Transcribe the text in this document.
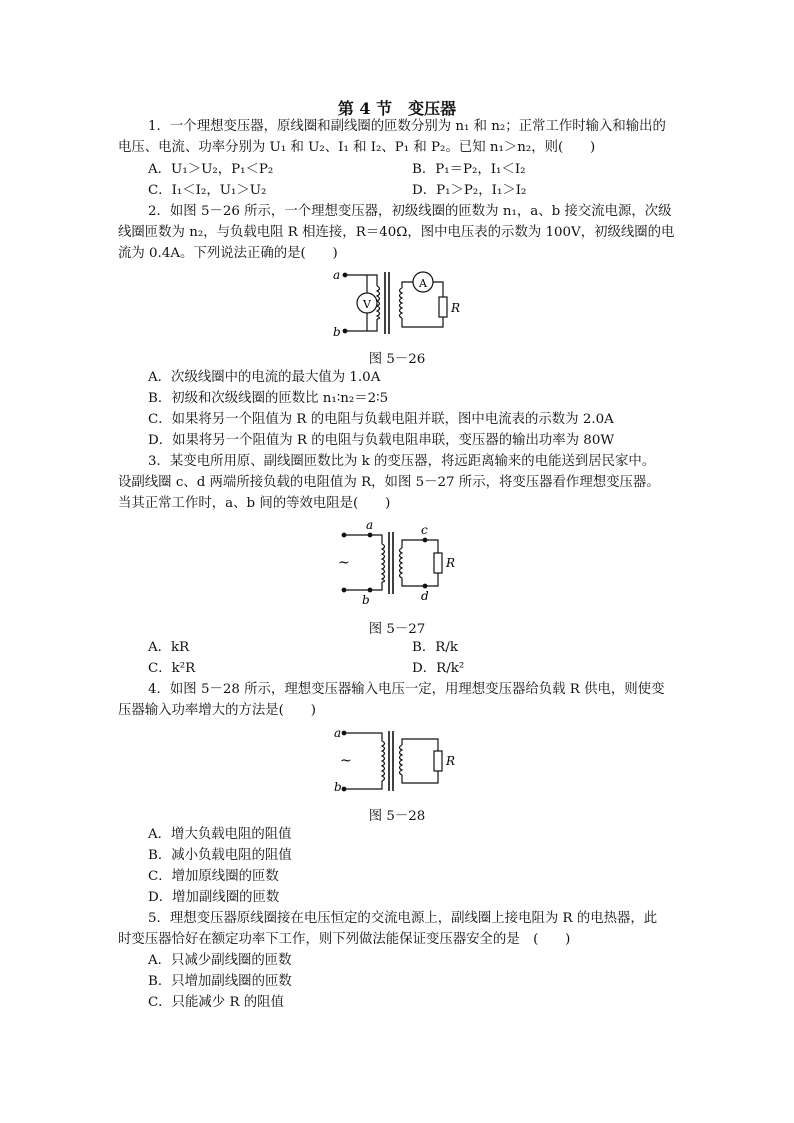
第 4 节　变压器
1．一个理想变压器，原线圈和副线圈的匝数分别为 n₁ 和 n₂；正常工作时输入和输出的
电压、电流、功率分别为 U₁ 和 U₂、I₁ 和 I₂、P₁ 和 P₂。已知 n₁＞n₂，则(　　)
A．U₁＞U₂，P₁＜P₂	B．P₁＝P₂，I₁＜I₂
C．I₁＜I₂，U₁＞U₂	D．P₁＞P₂，I₁＞I₂
2．如图 5－26 所示，一个理想变压器，初级线圈的匝数为 n₁，a、b 接交流电源，次级
线圈匝数为 n₂，与负载电阻 R 相连接，R＝40Ω，图中电压表的示数为 100V，初级线圈的电
流为 0.4A。下列说法正确的是(　　)
a
b
V
A
R
图 5－26
A．次级线圈中的电流的最大值为 1.0A
B．初级和次级线圈的匝数比 n₁∶n₂＝2∶5
C．如果将另一个阻值为 R 的电阻与负载电阻并联，图中电流表的示数为 2.0A
D．如果将另一个阻值为 R 的电阻与负载电阻串联，变压器的输出功率为 80W
3．某变电所用原、副线圈匝数比为 k 的变压器，将远距离输来的电能送到居民家中。
设副线圈 c、d 两端所接负载的电阻值为 R，如图 5－27 所示，将变压器看作理想变压器。
当其正常工作时，a、b 间的等效电阻是(　　)
a
b
c
d
~	R
图 5－27
A．kR	B．R/k
C．k²R	D．R/k²
4．如图 5－28 所示，理想变压器输入电压一定，用理想变压器给负载 R 供电，则使变
压器输入功率增大的方法是(　　)
a
b
~	R
图 5－28
A．增大负载电阻的阻值
B．减小负载电阻的阻值
C．增加原线圈的匝数
D．增加副线圈的匝数
5．理想变压器原线圈接在电压恒定的交流电源上，副线圈上接电阻为 R 的电热器，此
时变压器恰好在额定功率下工作，则下列做法能保证变压器安全的是　(　　)
A．只减少副线圈的匝数
B．只增加副线圈的匝数
C．只能减少 R 的阻值
